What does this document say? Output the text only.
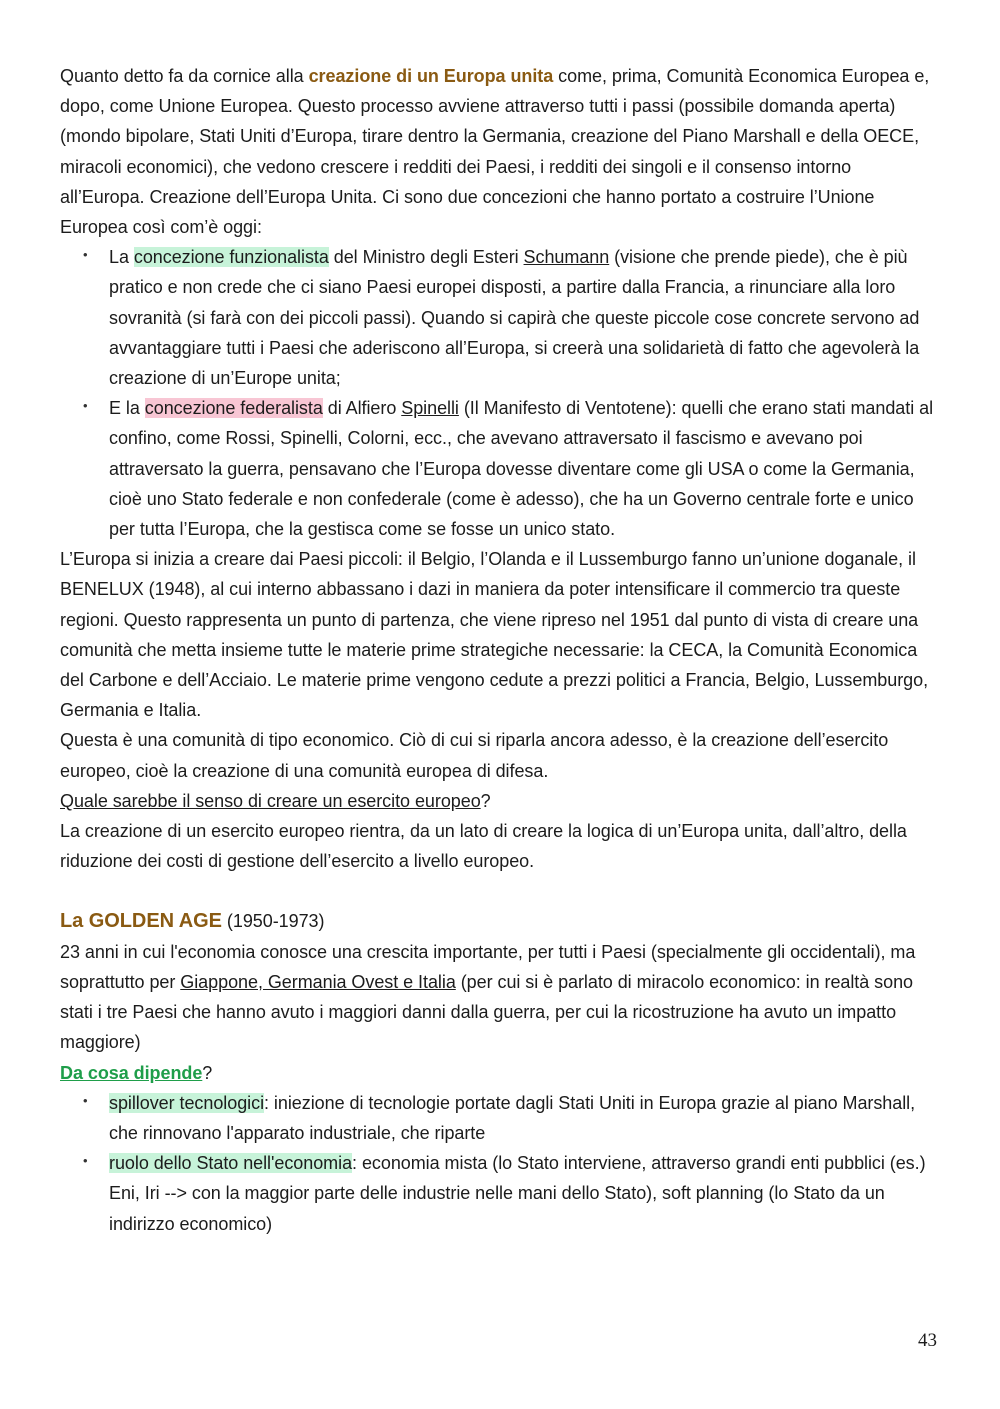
Quanto detto fa da cornice alla creazione di un Europa unita come, prima, Comunità Economica Europea e, dopo, come Unione Europea. Questo processo avviene attraverso tutti i passi (possibile domanda aperta) (mondo bipolare, Stati Uniti d’Europa, tirare dentro la Germania, creazione del Piano Marshall e della OECE, miracoli economici), che vedono crescere i redditi dei Paesi, i redditi dei singoli e il consenso intorno all’Europa. Creazione dell’Europa Unita. Ci sono due concezioni che hanno portato a costruire l’Unione Europea così com’è oggi:

• La concezione funzionalista del Ministro degli Esteri Schumann (visione che prende piede), che è più pratico e non crede che ci siano Paesi europei disposti, a partire dalla Francia, a rinunciare alla loro sovranità (si farà con dei piccoli passi). Quando si capirà che queste piccole cose concrete servono ad avvantaggiare tutti i Paesi che aderiscono all’Europa, si creerà una solidarietà di fatto che agevolerà la creazione di un’Europe unita;
• E la concezione federalista di Alfiero Spinelli (Il Manifesto di Ventotene): quelli che erano stati mandati al confino, come Rossi, Spinelli, Colorni, ecc., che avevano attraversato il fascismo e avevano poi attraversato la guerra, pensavano che l’Europa dovesse diventare come gli USA o come la Germania, cioè uno Stato federale e non confederale (come è adesso), che ha un Governo centrale forte e unico per tutta l’Europa, che la gestisca come se fosse un unico stato.

L’Europa si inizia a creare dai Paesi piccoli: il Belgio, l’Olanda e il Lussemburgo fanno un’unione doganale, il BENELUX (1948), al cui interno abbassano i dazi in maniera da poter intensificare il commercio tra queste regioni. Questo rappresenta un punto di partenza, che viene ripreso nel 1951 dal punto di vista di creare una comunità che metta insieme tutte le materie prime strategiche necessarie: la CECA, la Comunità Economica del Carbone e dell’Acciaio. Le materie prime vengono cedute a prezzi politici a Francia, Belgio, Lussemburgo, Germania e Italia.

Questa è una comunità di tipo economico. Ciò di cui si riparla ancora adesso, è la creazione dell’esercito europeo, cioè la creazione di una comunità europea di difesa.

Quale sarebbe il senso di creare un esercito europeo?

La creazione di un esercito europeo rientra, da un lato di creare la logica di un’Europa unita, dall’altro, della riduzione dei costi di gestione dell’esercito a livello europeo.

La GOLDEN AGE (1950-1973)

23 anni in cui l'economia conosce una crescita importante, per tutti i Paesi (specialmente gli occidentali), ma soprattutto per Giappone, Germania Ovest e Italia (per cui si è parlato di miracolo economico: in realtà sono stati i tre Paesi che hanno avuto i maggiori danni dalla guerra, per cui la ricostruzione ha avuto un impatto maggiore)

Da cosa dipende?

• spillover tecnologici: iniezione di tecnologie portate dagli Stati Uniti in Europa grazie al piano Marshall, che rinnovano l'apparato industriale, che riparte
• ruolo dello Stato nell'economia: economia mista (lo Stato interviene, attraverso grandi enti pubblici (es.) Eni, Iri --> con la maggior parte delle industrie nelle mani dello Stato), soft planning (lo Stato da un indirizzo economico)
43
